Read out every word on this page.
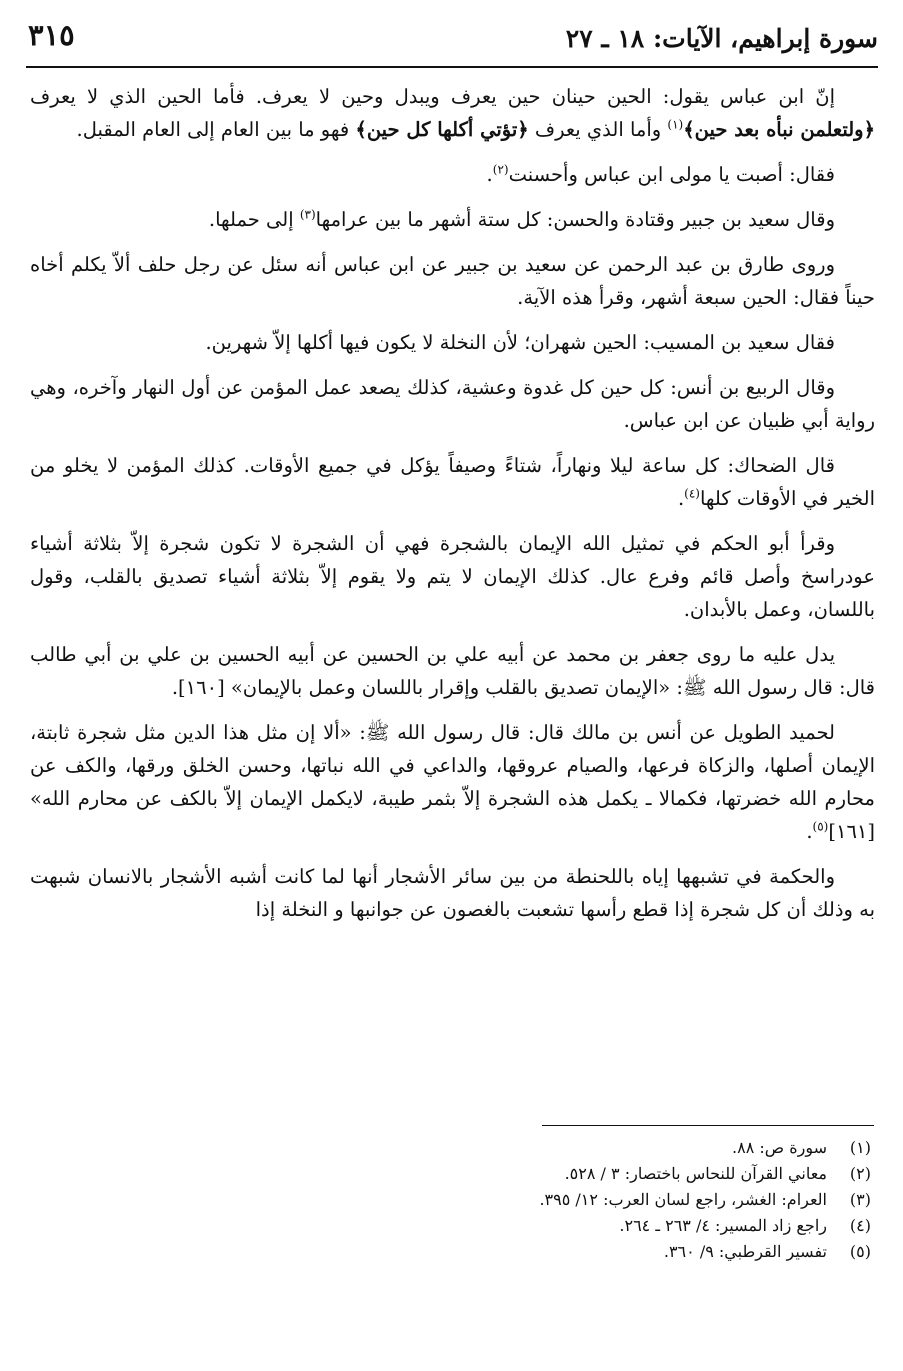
سورة إبراهيم، الآيات: ١٨ ـ ٢٧
٣١٥

إنّ ابن عباس يقول: الحين حينان حين يعرف ويبدل وحين لا يعرف. فأما الحين الذي لا يعرف ﴿ولتعلمن نبأه بعد حين﴾$^{(١)}$ وأما الذي يعرف ﴿تؤتي أكلها كل حين﴾ فهو ما بين العام إلى العام المقبل.

فقال: أصبت يا مولى ابن عباس وأحسنت$^{(٢)}$.

وقال سعيد بن جبير وقتادة والحسن: كل ستة أشهر ما بين عرامها$^{(٣)}$ إلى حملها.

وروى طارق بن عبد الرحمن عن سعيد بن جبير عن ابن عباس أنه سئل عن رجل حلف ألاّ يكلم أخاه حيناً فقال: الحين سبعة أشهر، وقرأ هذه الآية.

فقال سعيد بن المسيب: الحين شهران؛ لأن النخلة لا يكون فيها أكلها إلاّ شهرين.

وقال الربيع بن أنس: كل حين كل غدوة وعشية، كذلك يصعد عمل المؤمن عن أول النهار وآخره، وهي رواية أبي ظبيان عن ابن عباس.

قال الضحاك: كل ساعة ليلا ونهاراً، شتاءً وصيفاً يؤكل في جميع الأوقات. كذلك المؤمن لا يخلو من الخير في الأوقات كلها$^{(٤)}$.

وقرأ أبو الحكم في تمثيل الله الإيمان بالشجرة فهي أن الشجرة لا تكون شجرة إلاّ بثلاثة أشياء عودراسخ وأصل قائم وفرع عال. كذلك الإيمان لا يتم ولا يقوم إلاّ بثلاثة أشياء تصديق بالقلب، وقول باللسان، وعمل بالأبدان.

يدل عليه ما روى جعفر بن محمد عن أبيه علي بن الحسين عن أبيه الحسين بن علي بن أبي طالب قال: قال رسول الله ﷺ: «الإيمان تصديق بالقلب وإقرار باللسان وعمل بالإيمان» [١٦٠].

لحميد الطويل عن أنس بن مالك قال: قال رسول الله ﷺ: «ألا إن مثل هذا الدين مثل شجرة ثابتة، الإيمان أصلها، والزكاة فرعها، والصيام عروقها، والداعي في الله نباتها، وحسن الخلق ورقها، والكف عن محارم الله خضرتها، فكمالا ـ يكمل هذه الشجرة إلاّ بثمر طيبة، لايكمل الإيمان إلاّ بالكف عن محارم الله» [١٦١]$^{(٥)}$.

والحكمة في تشبهها إياه باللحنطة من بين سائر الأشجار أنها لما كانت أشبه الأشجار بالانسان شبهت به وذلك أن كل شجرة إذا قطع رأسها تشعبت بالغصون عن جوانبها و النخلة إذا

(١)
سورة ص: ٨٨.
(٢)
معاني القرآن للنحاس باختصار: ٣ / ٥٢٨.
(٣)
العرام: الغشر، راجع لسان العرب: ١٢/ ٣٩٥.
(٤)
راجع زاد المسير: ٤/ ٢٦٣ ـ ٢٦٤.
(٥)
تفسير القرطبي: ٩/ ٣٦٠.
